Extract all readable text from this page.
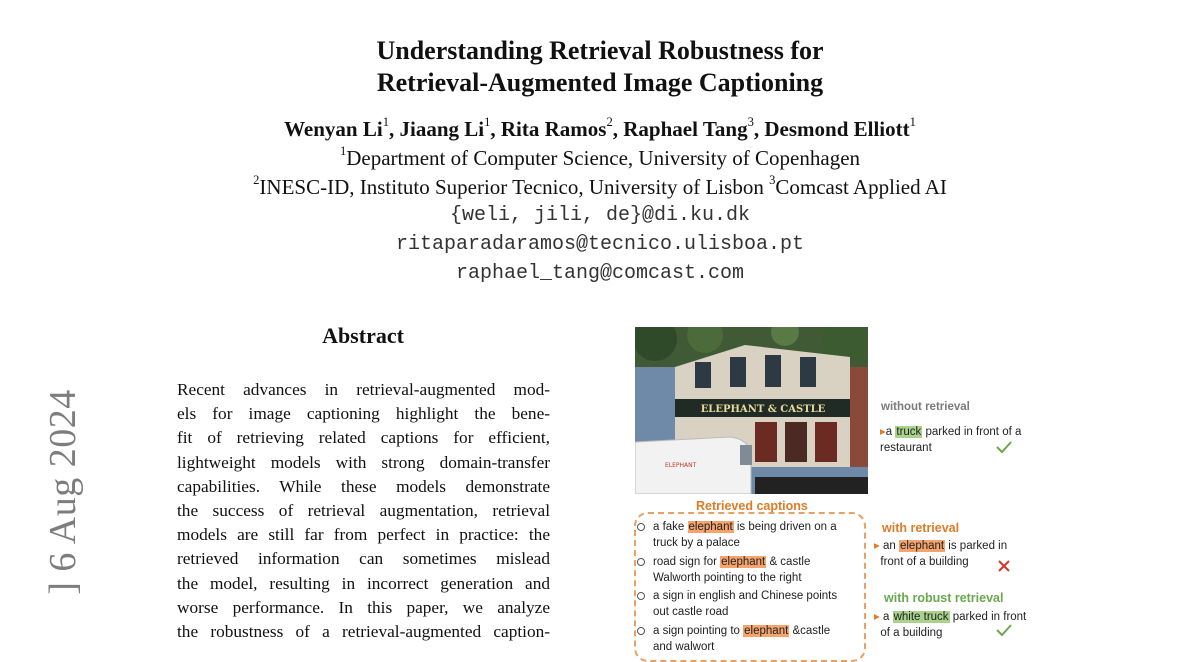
] 6 Aug 2024
Understanding Retrieval Robustness for
Retrieval-Augmented Image Captioning
Wenyan Li$^1$, Jiaang Li$^1$, Rita Ramos$^2$, Raphael Tang$^3$, Desmond Elliott$^1$
$^1$Department of Computer Science, University of Copenhagen
$^2$INESC-ID, Instituto Superior Tecnico, University of Lisbon $^3$Comcast Applied AI
{weli, jili, de}@di.ku.dk
ritaparadaramos@tecnico.ulisboa.pt
raphael_tang@comcast.com
Abstract
Recent advances in retrieval-augmented mod-
els for image captioning highlight the bene-
fit of retrieving related captions for efficient,
lightweight models with strong domain-transfer
capabilities. While these models demonstrate
the success of retrieval augmentation, retrieval
models are still far from perfect in practice: the
retrieved information can sometimes mislead
the model, resulting in incorrect generation and
worse performance. In this paper, we analyze
the robustness of a retrieval-augmented caption-
ELEPHANT & CASTLE
ELEPHANT
without retrieval
▸a truck parked in front of a
restaurant
Retrieved captions
a fake elephant is being driven on a
truck by a palace
road sign for elephant & castle
Walworth pointing to the right
a sign in english and Chinese points
out castle road
a sign pointing to elephant &castle
and walwort
with retrieval
▸ an elephant is parked in
front of a building
with robust retrieval
▸ a white truck parked in front
of a building
